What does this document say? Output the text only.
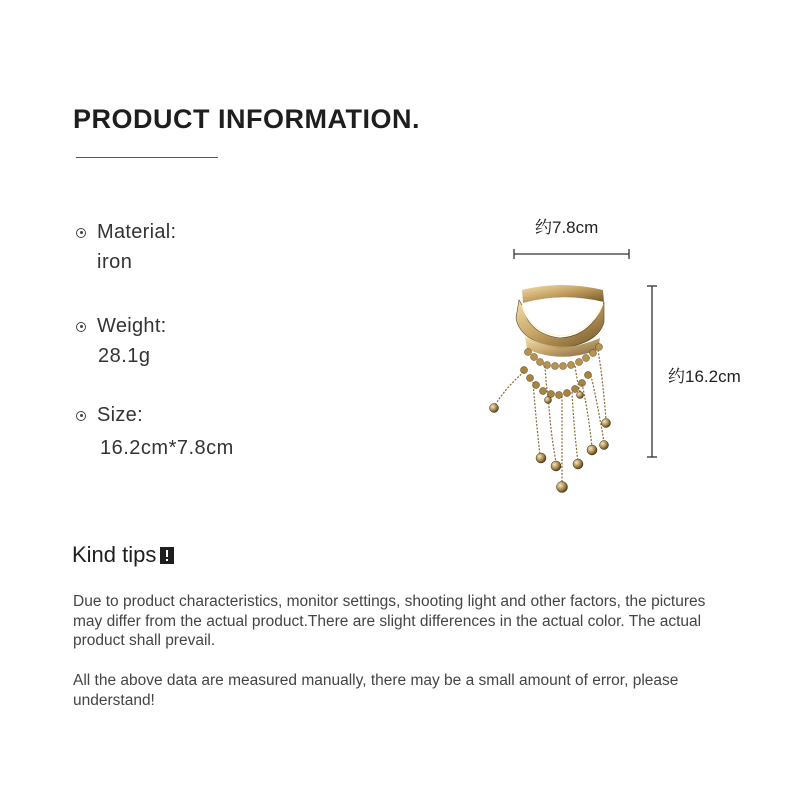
PRODUCT INFORMATION.
Material:
iron
Weight:
28.1g
Size:
16.2cm*7.8cm
约7.8cm
约16.2cm
Kind tips
Due to product characteristics, monitor settings, shooting light and other factors, the pictures may differ from the actual product.There are slight differences in the actual color. The actual product shall prevail.
All the above data are measured manually, there may be a small amount of error, please understand!
